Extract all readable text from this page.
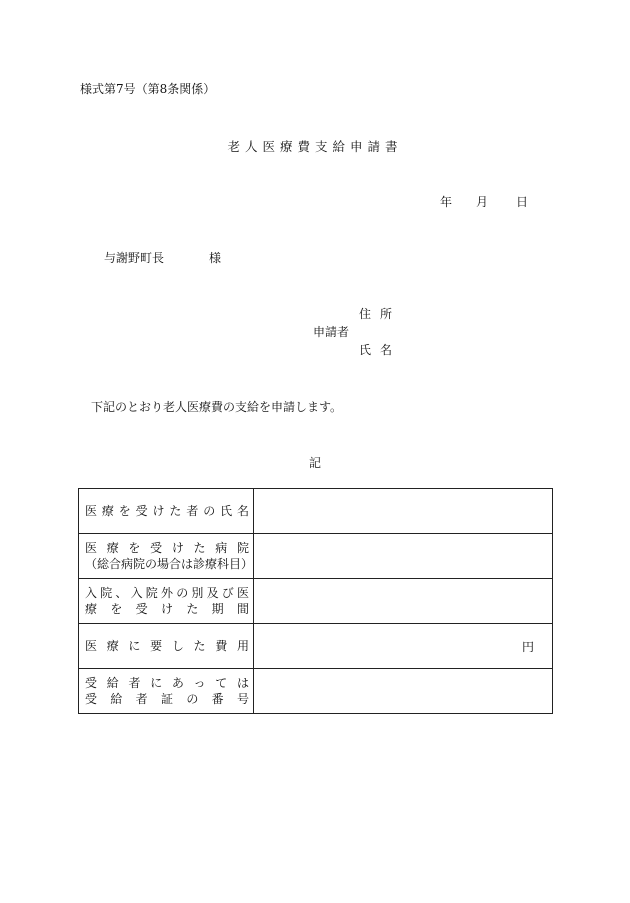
様式第7号（第8条関係）
老人医療費支給申請書
年 月 日
与謝野町長	様
住所
申請者
氏名
下記のとおり老人医療費の支給を申請します。
記
医療を受けた者の氏名	

医療を受けた病院
（総合病院の場合は診療科目）	

入院、入院外の別及び医
療を受けた期間	

医療に要した費用	円

受給者にあっては
受給者証の番号	
